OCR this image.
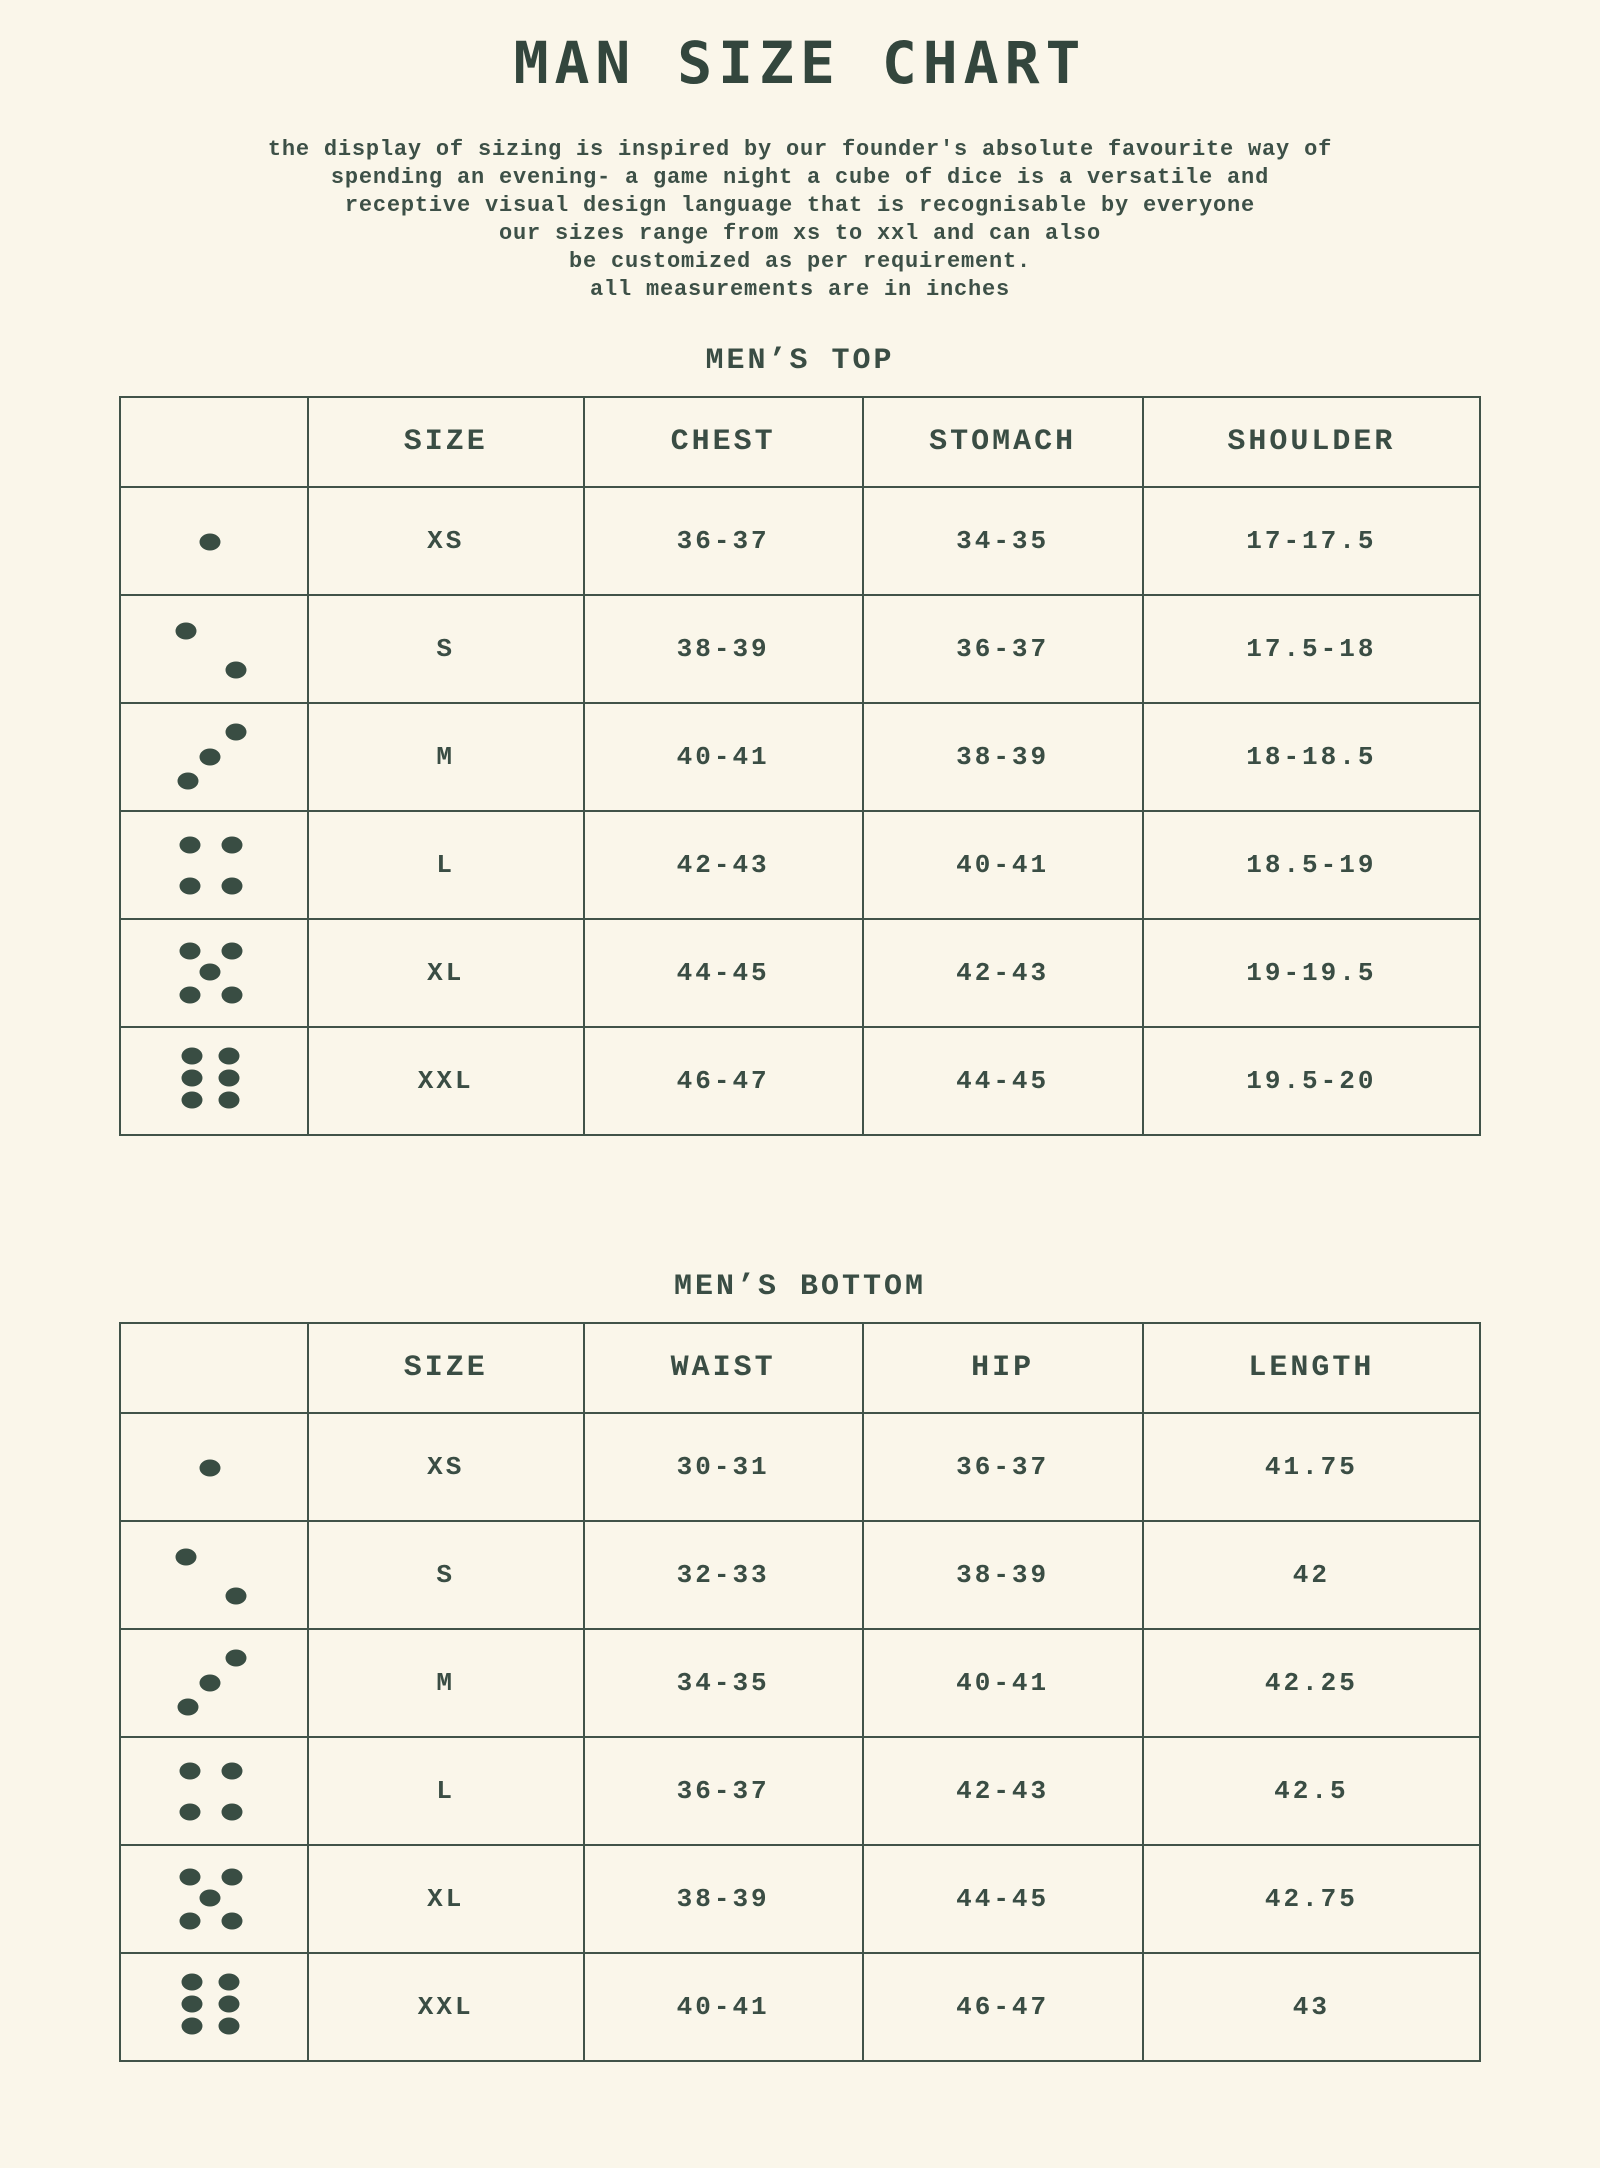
MAN SIZE CHART
the display of sizing is inspired by our founder's absolute favourite way of
spending an evening- a game night a cube of dice is a versatile and
receptive visual design language that is recognisable by everyone
our sizes range from xs to xxl and can also
be customized as per requirement.
all measurements are in inches
MEN’S TOP
	SIZE	CHEST	STOMACH	SHOULDER

	XS	36-37	34-35	17-17.5

	S	38-39	36-37	17.5-18

	M	40-41	38-39	18-18.5

	L	42-43	40-41	18.5-19

	XL	44-45	42-43	19-19.5

	XXL	46-47	44-45	19.5-20
MEN’S BOTTOM
	SIZE	WAIST	HIP	LENGTH

	XS	30-31	36-37	41.75

	S	32-33	38-39	42

	M	34-35	40-41	42.25

	L	36-37	42-43	42.5

	XL	38-39	44-45	42.75

	XXL	40-41	46-47	43
